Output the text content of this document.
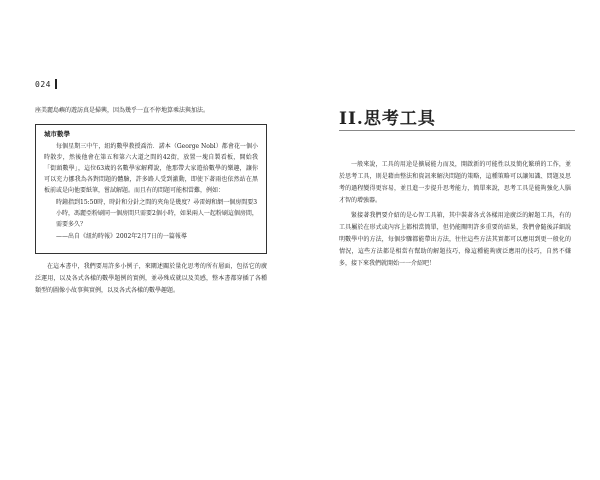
024

座美麗島嶼的遊訪真是掃興，因為幾乎一直不停地算乘法與加法。

城市數學

每個星期三中午，紐約數學教授喬治．諾本（George Nobl）都會花一個小時散步，然後他會在第五和第六大道之間的42街，放置一塊自製看板，開始我「街頭數學」，這位63歲的名數學家解釋說，他那帶大家遊拾數學的樂趣，讓你可以充力挪我為各對問題的體驗，許多路人受到激動，即使下著雨也依然站在黑板前或是向他要紙筆，嘗試解題。而且有的問題可能相當難，例如：

時鐘指到15:50時，時針和分針之間的夾角是幾度？尋雷姆和網一個房間要3小時，馮麗亞粉刷同一個房間只需要2個小時，如果兩人一起粉刷這個房間，需要多久？

——出自《紐約時報》2002年2月7日的一篇報導

在這本書中，我們要用許多小例子，來闡述關於量化思考的所有層面，包括它的廣泛運用，以及各式各樣的數學題例的實例，並尋殊成就以及美感，整本書都穿插了各種類型的圖像小故事與實例，以及各式各樣的數學趣題。

II. 思考工具

一般來說，工具的用途是擴展能力而及，開啟新的可能性以及簡化繁瑣的工作，並於思考工具，則是藉由整法和資訊來解決問題的策略，這種策略可以讓知識、問題及思考的過程變得更容易，並且進一步提升思考能力，簡單來說，思考工具是能夠強化人腦才智的增強器。

緊接著我們要介紹的是心智工具箱，其中裝著各式各樣用途廣泛的解題工具，有的工具屬於在形式或內容上都相當簡單，但仍能闡明許多重要的結果，我們會隨後詳細說明數學中的方法，每個步驟都能帶出方法，往往這些方法其實都可以應用到更一般化的情況，這些方法都是相當有幫助的解題技巧，像這種能夠廣泛應用的技巧，自然不嫌多，接下來我們就開始一一介紹吧！
